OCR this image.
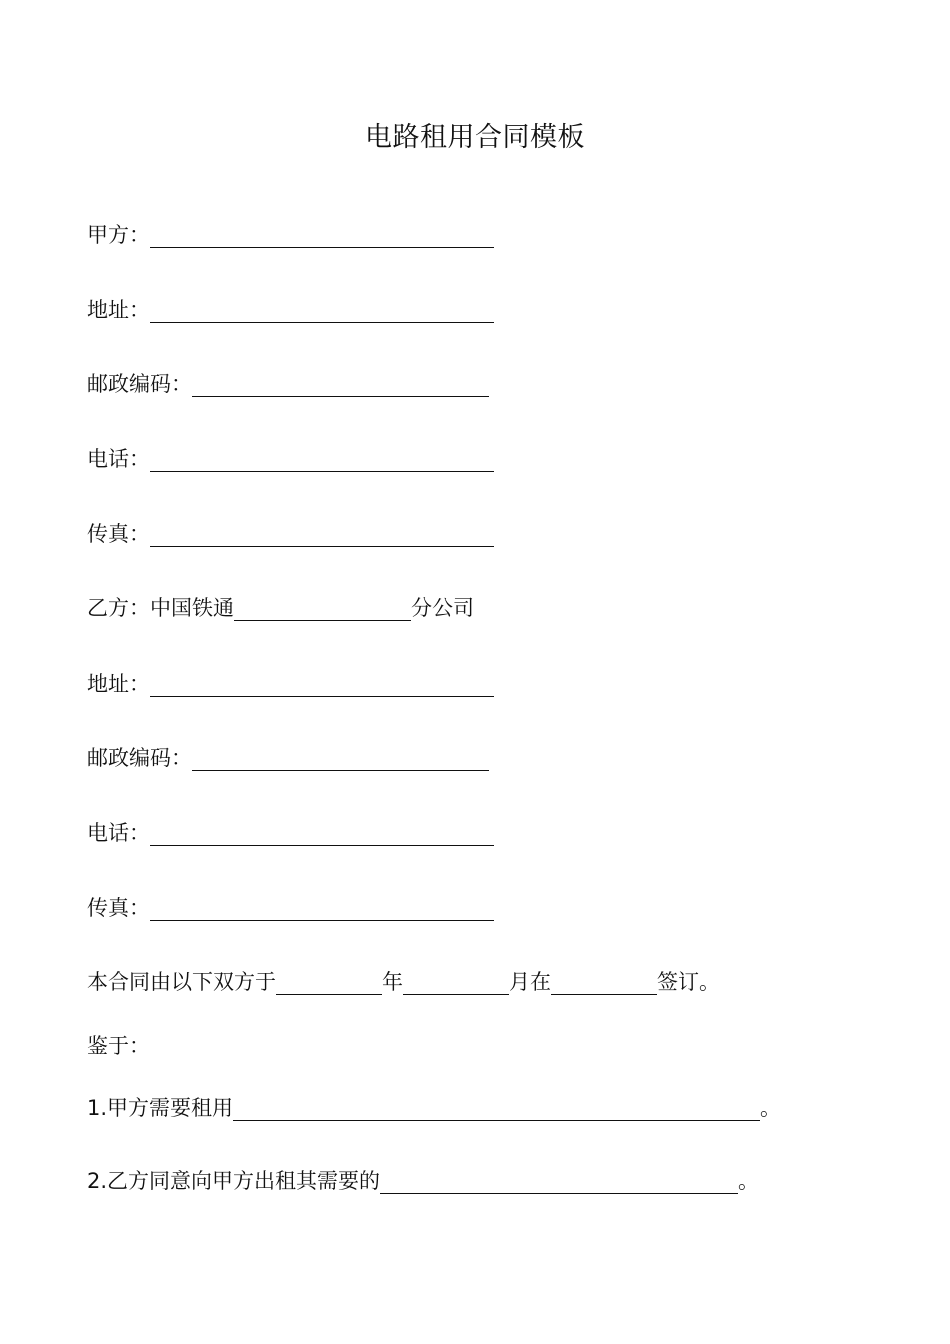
电路租用合同模板
甲方：
地址：
邮政编码：
电话：
传真：
乙方： 中国铁通	分公司
地址：
邮政编码：
电话：
传真：
本合同由以下双方于	年	月在	签订。
鉴于：
1.甲方需要租用	。
2.乙方同意向甲方出租其需要的	。
